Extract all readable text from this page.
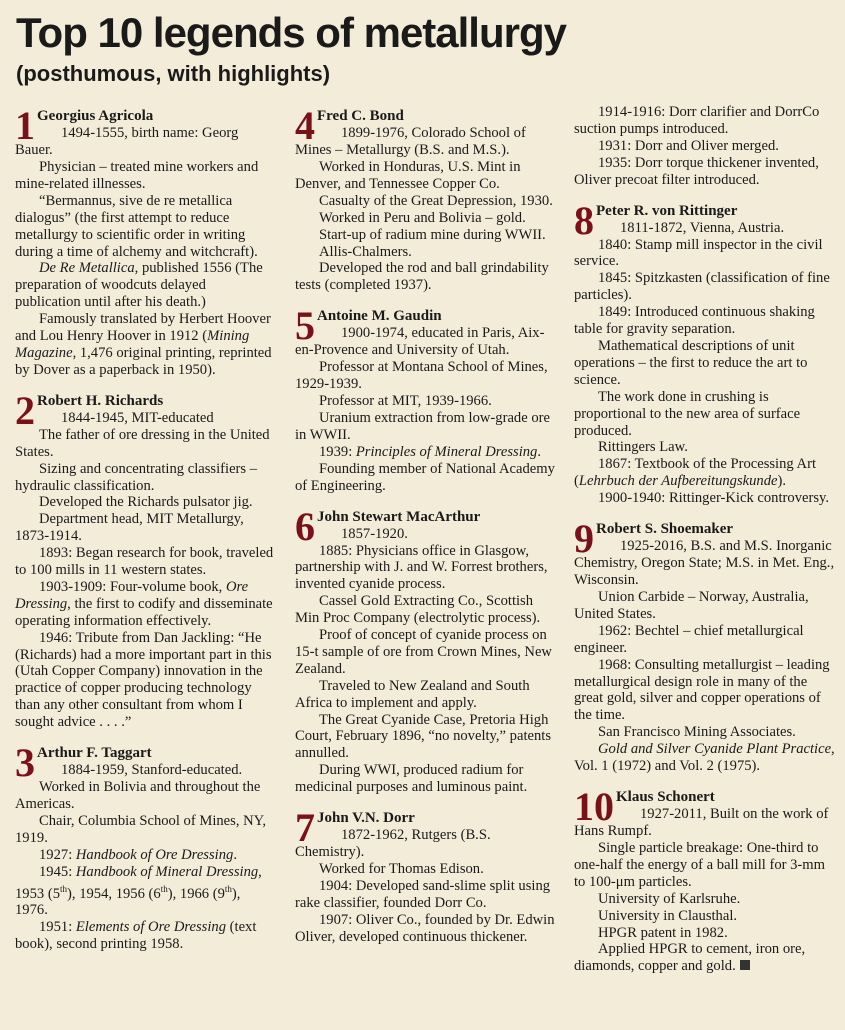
Top 10 legends of metallurgy
(posthumous, with highlights)
1 Georgius Agricola
1494-1555, birth name: Georg Bauer.

Physician – treated mine workers and mine-related illnesses.

“Bermannus, sive de re metallica dialogus” (the first attempt to reduce metallurgy to scientific order in writing during a time of alchemy and witchcraft).

De Re Metallica, published 1556 (The preparation of woodcuts delayed publication until after his death.)

Famously translated by Herbert Hoover and Lou Henry Hoover in 1912 (Mining Magazine, 1,476 original printing, reprinted by Dover as a paperback in 1950).

2 Robert H. Richards
1844-1945, MIT-educated

The father of ore dressing in the United States.

Sizing and concentrating classifiers – hydraulic classification.

Developed the Richards pulsator jig.

Department head, MIT Metallurgy, 1873-1914.

1893: Began research for book, traveled to 100 mills in 11 western states.

1903-1909: Four-volume book, Ore Dressing, the first to codify and disseminate operating information effectively.

1946: Tribute from Dan Jackling: “He (Richards) had a more important part in this (Utah Copper Company) innovation in the practice of copper producing technology than any other consultant from whom I sought advice . . . .”

3 Arthur F. Taggart
1884-1959, Stanford-educated.

Worked in Bolivia and throughout the Americas.

Chair, Columbia School of Mines, NY, 1919.

1927: Handbook of Ore Dressing.

1945: Handbook of Mineral Dressing, 1953 (5th), 1954, 1956 (6th), 1966 (9th), 1976.

1951: Elements of Ore Dressing (text book), second printing 1958.

4 Fred C. Bond
1899-1976, Colorado School of Mines – Metallurgy (B.S. and M.S.).

Worked in Honduras, U.S. Mint in Denver, and Tennessee Copper Co.

Casualty of the Great Depression, 1930.

Worked in Peru and Bolivia – gold.

Start-up of radium mine during WWII.

Allis-Chalmers.

Developed the rod and ball grindability tests (completed 1937).

5 Antoine M. Gaudin
1900-1974, educated in Paris, Aix-en-Provence and University of Utah.

Professor at Montana School of Mines, 1929-1939.

Professor at MIT, 1939-1966.

Uranium extraction from low-grade ore in WWII.

1939: Principles of Mineral Dressing.

Founding member of National Academy of Engineering.

6 John Stewart MacArthur
1857-1920.

1885: Physicians office in Glasgow, partnership with J. and W. Forrest brothers, invented cyanide process.

Cassel Gold Extracting Co., Scottish Min Proc Company (electrolytic process).

Proof of concept of cyanide process on 15-t sample of ore from Crown Mines, New Zealand.

Traveled to New Zealand and South Africa to implement and apply.

The Great Cyanide Case, Pretoria High Court, February 1896, “no novelty,” patents annulled.

During WWI, produced radium for medicinal purposes and luminous paint.

7 John V.N. Dorr
1872-1962, Rutgers (B.S. Chemistry).

Worked for Thomas Edison.

1904: Developed sand-slime split using rake classifier, founded Dorr Co.

1907: Oliver Co., founded by Dr. Edwin Oliver, developed continuous thickener.

1914-1916: Dorr clarifier and DorrCo suction pumps introduced.

1931: Dorr and Oliver merged.

1935: Dorr torque thickener invented, Oliver precoat filter introduced.

8 Peter R. von Rittinger
1811-1872, Vienna, Austria.

1840: Stamp mill inspector in the civil service.

1845: Spitzkasten (classification of fine particles).

1849: Introduced continuous shaking table for gravity separation.

Mathematical descriptions of unit operations – the first to reduce the art to science.

The work done in crushing is proportional to the new area of surface produced.

Rittingers Law.

1867: Textbook of the Processing Art (Lehrbuch der Aufbereitungskunde).

1900-1940: Rittinger-Kick controversy.

9 Robert S. Shoemaker
1925-2016, B.S. and M.S. Inorganic Chemistry, Oregon State; M.S. in Met. Eng., Wisconsin.

Union Carbide – Norway, Australia, United States.

1962: Bechtel – chief metallurgical engineer.

1968: Consulting metallurgist – leading metallurgical design role in many of the great gold, silver and copper operations of the time.

San Francisco Mining Associates.

Gold and Silver Cyanide Plant Practice, Vol. 1 (1972) and Vol. 2 (1975).

10 Klaus Schonert
1927-2011, Built on the work of Hans Rumpf.

Single particle breakage: One-third to one-half the energy of a ball mill for 3-mm to 100-μm particles.

University of Karlsruhe.

University in Clausthal.

HPGR patent in 1982.

Applied HPGR to cement, iron ore, diamonds, copper and gold.
